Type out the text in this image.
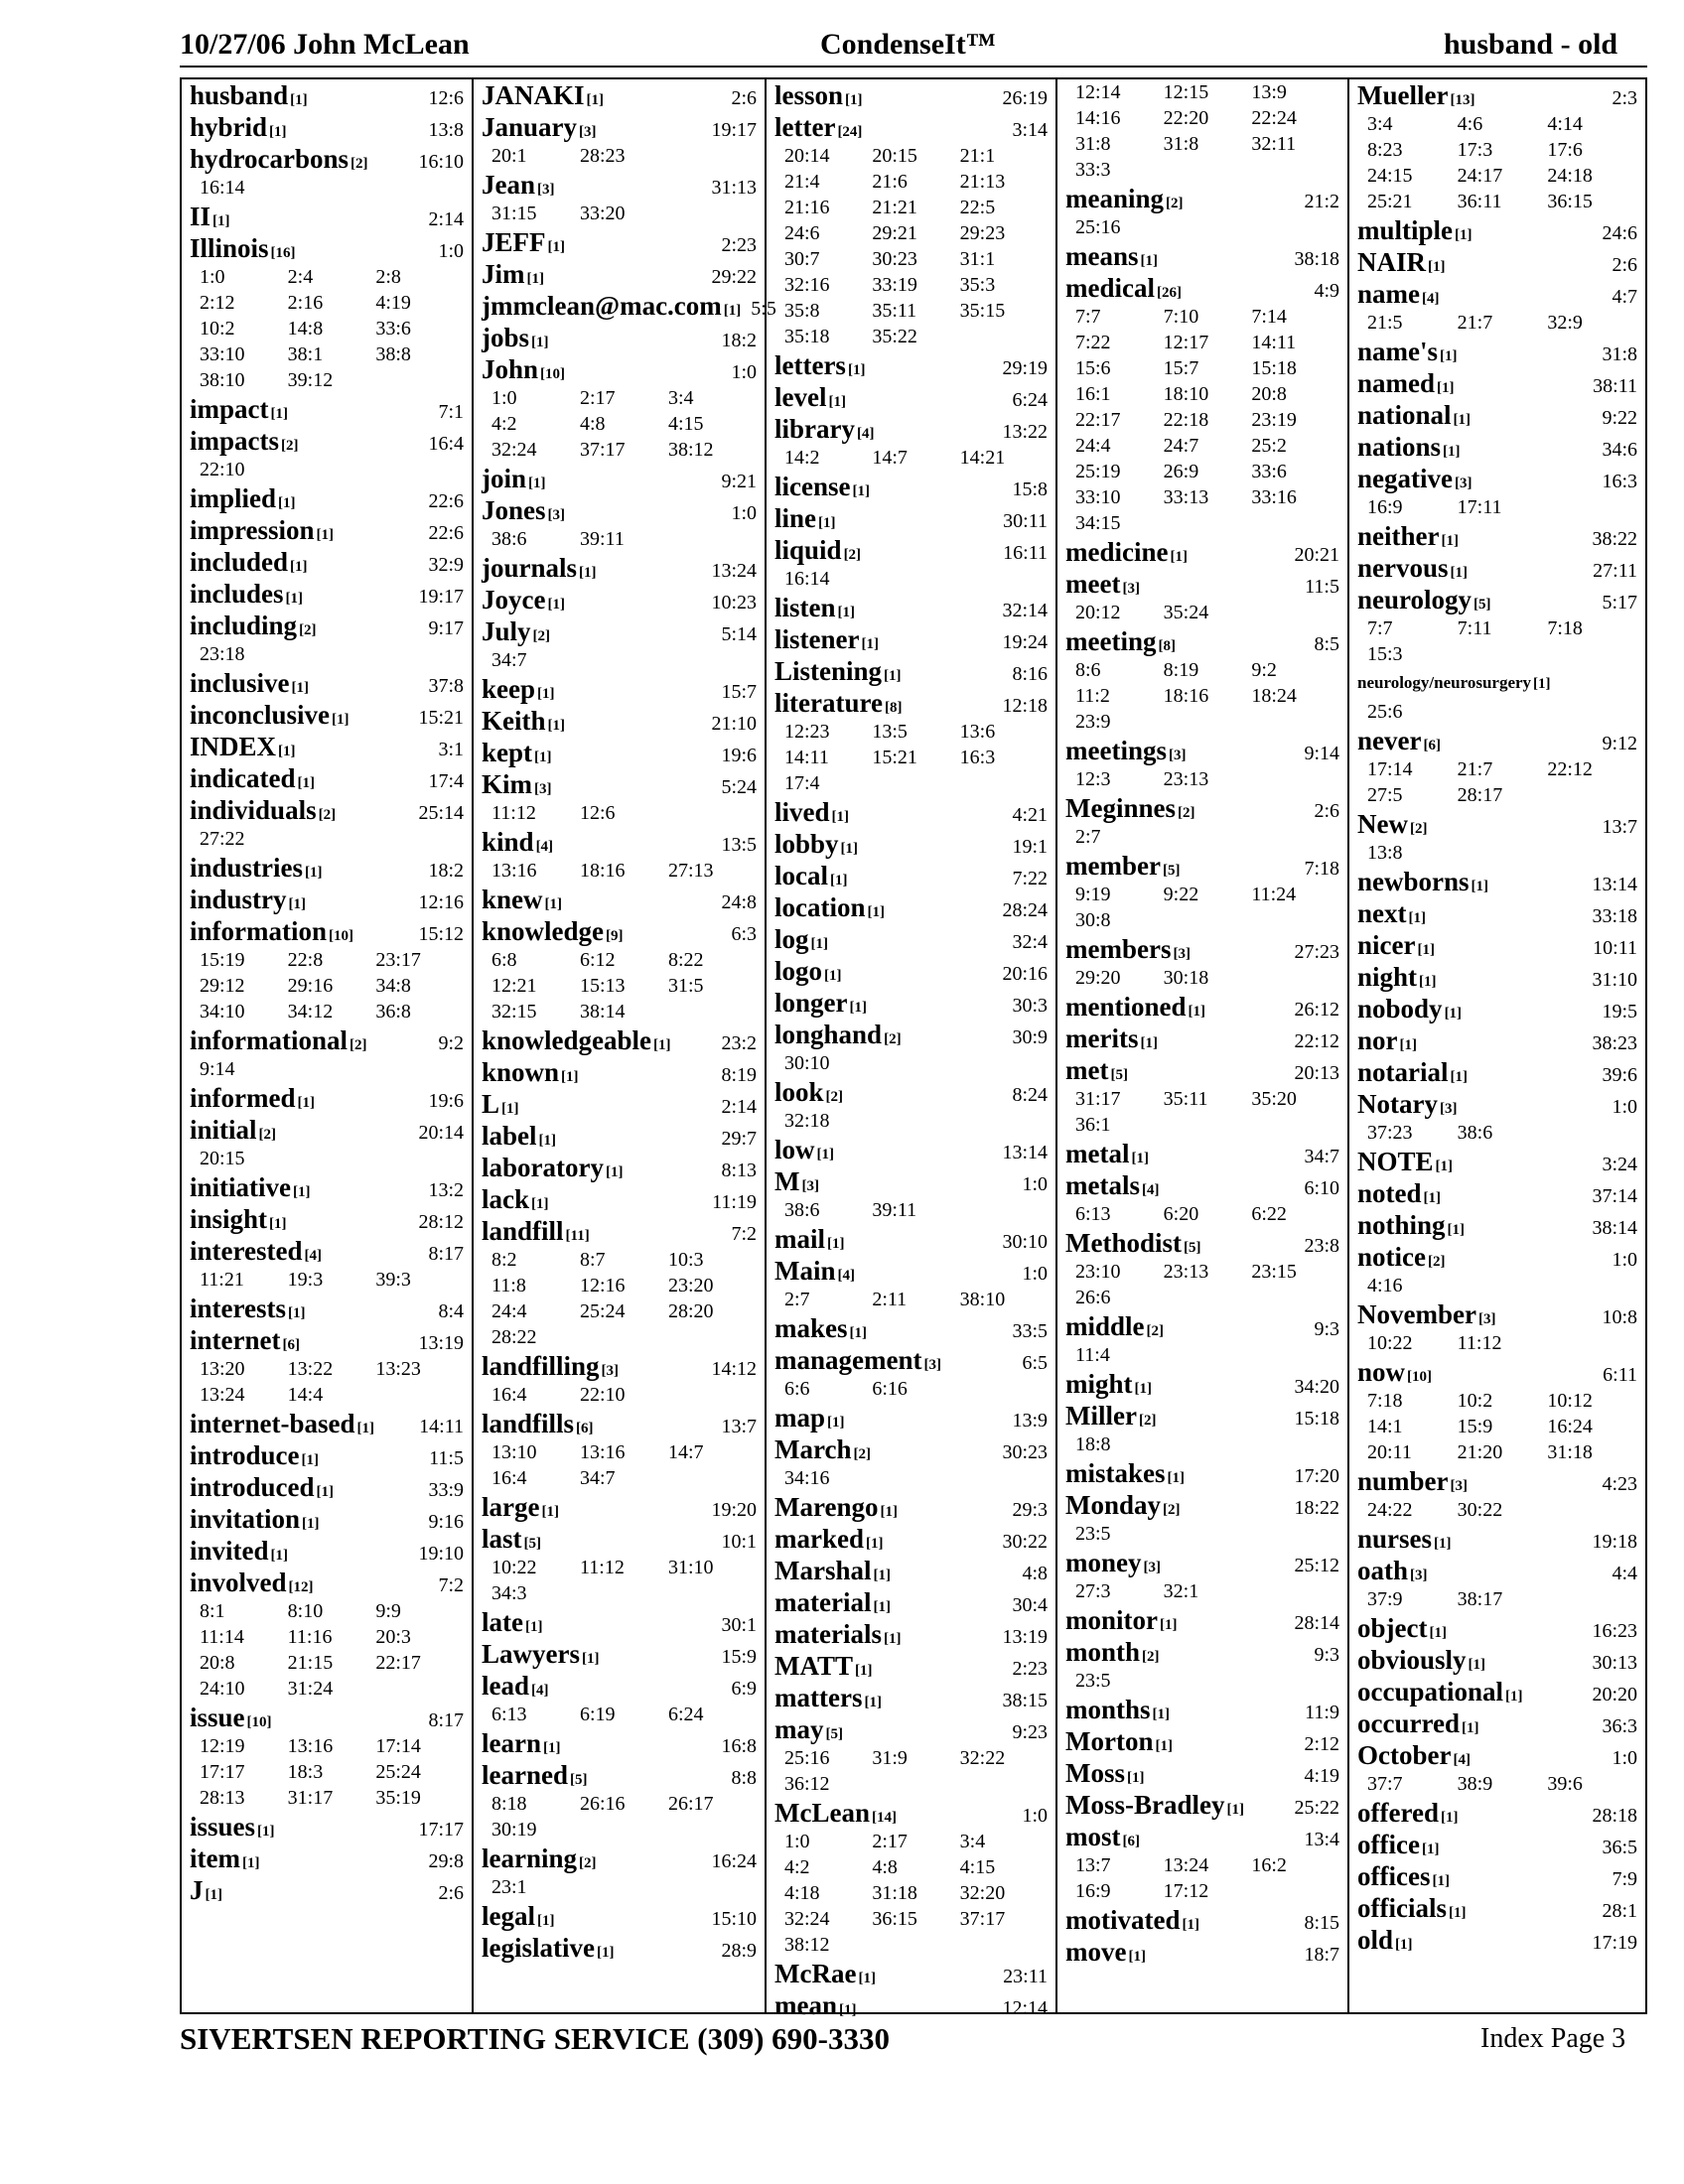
10/27/06 John McLean	CondenseIt™	husband - old
husband [1]	12:6
hybrid [1]	13:8
hydrocarbons [2]	16:10
16:14
II [1]	2:14
Illinois [16]	1:0
1:0	2:4	2:8
2:12	2:16	4:19
10:2	14:8	33:6
33:10	38:1	38:8
38:10	39:12
impact [1]	7:1
impacts [2]	16:4
22:10
implied [1]	22:6
impression [1]	22:6
included [1]	32:9
includes [1]	19:17
including [2]	9:17
23:18
inclusive [1]	37:8
inconclusive [1]	15:21
INDEX [1]	3:1
indicated [1]	17:4
individuals [2]	25:14
27:22
industries [1]	18:2
industry [1]	12:16
information [10]	15:12
15:19	22:8	23:17
29:12	29:16	34:8
34:10	34:12	36:8
informational [2]	9:2
9:14
informed [1]	19:6
initial [2]	20:14
20:15
initiative [1]	13:2
insight [1]	28:12
interested [4]	8:17
11:21	19:3	39:3
interests [1]	8:4
internet [6]	13:19
13:20	13:22	13:23
13:24	14:4
internet-based [1] 14:11
introduce [1]	11:5
introduced [1]	33:9
invitation [1]	9:16
invited [1]	19:10
involved [12]	7:2
8:1	8:10	9:9
11:14	11:16	20:3
20:8	21:15	22:17
24:10	31:24
issue [10]	8:17
12:19	13:16	17:14
17:17	18:3	25:24
28:13	31:17	35:19
issues [1]	17:17
item [1]	29:8
J [1]	2:6
JANAKI [1]	2:6
January [3]	19:17
20:1	28:23
Jean [3]	31:13
31:15	33:20
JEFF [1]	2:23
Jim [1]	29:22
jmmclean@mac.com [1] 5:5
jobs [1]	18:2
John [10]	1:0
1:0	2:17	3:4
4:2	4:8	4:15
32:24	37:17	38:12
join [1]	9:21
Jones [3]	1:0
38:6	39:11
journals [1]	13:24
Joyce [1]	10:23
July [2]	5:14
34:7
keep [1]	15:7
Keith [1]	21:10
kept [1]	19:6
Kim [3]	5:24
11:12	12:6
kind [4]	13:5
13:16	18:16	27:13
knew [1]	24:8
knowledge [9]	6:3
6:8	6:12	8:22
12:21	15:13	31:5
32:15	38:14
knowledgeable [1]	23:2
known [1]	8:19
L [1]	2:14
label [1]	29:7
laboratory [1]	8:13
lack [1]	11:19
landfill [11]	7:2
8:2	8:7	10:3
11:8	12:16	23:20
24:4	25:24	28:20
28:22
landfilling [3]	14:12
16:4	22:10
landfills [6]	13:7
13:10	13:16	14:7
16:4	34:7
large [1]	19:20
last [5]	10:1
10:22	11:12	31:10
34:3
late [1]	30:1
Lawyers [1]	15:9
lead [4]	6:9
6:13	6:19	6:24
learn [1]	16:8
learned [5]	8:8
8:18	26:16	26:17
30:19
learning [2]	16:24
23:1
legal [1]	15:10
legislative [1]	28:9
lesson [1]	26:19
letter [24]	3:14
20:14	20:15	21:1
21:4	21:6	21:13
21:16	21:21	22:5
24:6	29:21	29:23
30:7	30:23	31:1
32:16	33:19	35:3
35:8	35:11	35:15
35:18	35:22
letters [1]	29:19
level [1]	6:24
library [4]	13:22
14:2	14:7	14:21
license [1]	15:8
line [1]	30:11
liquid [2]	16:11
16:14
listen [1]	32:14
listener [1]	19:24
Listening [1]	8:16
literature [8]	12:18
12:23	13:5	13:6
14:11	15:21	16:3
17:4
lived [1]	4:21
lobby [1]	19:1
local [1]	7:22
location [1]	28:24
log [1]	32:4
logo [1]	20:16
longer [1]	30:3
longhand [2]	30:9
30:10
look [2]	8:24
32:18
low [1]	13:14
M [3]	1:0
38:6	39:11
mail [1]	30:10
Main [4]	1:0
2:7	2:11	38:10
makes [1]	33:5
management [3]	6:5
6:6	6:16
map [1]	13:9
March [2]	30:23
34:16
Marengo [1]	29:3
marked [1]	30:22
Marshal [1]	4:8
material [1]	30:4
materials [1]	13:19
MATT [1]	2:23
matters [1]	38:15
may [5]	9:23
25:16	31:9	32:22
36:12
McLean [14]	1:0
1:0	2:17	3:4
4:2	4:8	4:15
4:18	31:18	32:20
32:24	36:15	37:17
38:12
McRae [1]	23:11
mean [1]	12:14
12:14	12:15	13:9
14:16	22:20	22:24
31:8	31:8	32:11
33:3
meaning [2]	21:2
25:16
means [1]	38:18
medical [26]	4:9
7:7	7:10	7:14
7:22	12:17	14:11
15:6	15:7	15:18
16:1	18:10	20:8
22:17	22:18	23:19
24:4	24:7	25:2
25:19	26:9	33:6
33:10	33:13	33:16
34:15
medicine [1]	20:21
meet [3]	11:5
20:12	35:24
meeting [8]	8:5
8:6	8:19	9:2
11:2	18:16	18:24
23:9
meetings [3]	9:14
12:3	23:13
Meginnes [2]	2:6
2:7
member [5]	7:18
9:19	9:22	11:24
30:8
members [3]	27:23
29:20	30:18
mentioned [1]	26:12
merits [1]	22:12
met [5]	20:13
31:17	35:11	35:20
36:1
metal [1]	34:7
metals [4]	6:10
6:13	6:20	6:22
Methodist [5]	23:8
23:10	23:13	23:15
26:6
middle [2]	9:3
11:4
might [1]	34:20
Miller [2]	15:18
18:8
mistakes [1]	17:20
Monday [2]	18:22
23:5
money [3]	25:12
27:3	32:1
monitor [1]	28:14
month [2]	9:3
23:5
months [1]	11:9
Morton [1]	2:12
Moss [1]	4:19
Moss-Bradley [1]	25:22
most [6]	13:4
13:7	13:24	16:2
16:9	17:12
motivated [1]	8:15
move [1]	18:7
Mueller [13]	2:3
3:4	4:6	4:14
8:23	17:3	17:6
24:15	24:17	24:18
25:21	36:11	36:15
multiple [1]	24:6
NAIR [1]	2:6
name [4]	4:7
21:5	21:7	32:9
name's [1]	31:8
named [1]	38:11
national [1]	9:22
nations [1]	34:6
negative [3]	16:3
16:9	17:11
neither [1]	38:22
nervous [1]	27:11
neurology [5]	5:17
7:7	7:11	7:18
15:3
neurology/neurosurgery [1]
25:6
never [6]	9:12
17:14	21:7	22:12
27:5	28:17
New [2]	13:7
13:8
newborns [1]	13:14
next [1]	33:18
nicer [1]	10:11
night [1]	31:10
nobody [1]	19:5
nor [1]	38:23
notarial [1]	39:6
Notary [3]	1:0
37:23	38:6
NOTE [1]	3:24
noted [1]	37:14
nothing [1]	38:14
notice [2]	1:0
4:16
November [3]	10:8
10:22	11:12
now [10]	6:11
7:18	10:2	10:12
14:1	15:9	16:24
20:11	21:20	31:18
number [3]	4:23
24:22	30:22
nurses [1]	19:18
oath [3]	4:4
37:9	38:17
object [1]	16:23
obviously [1]	30:13
occupational [1]	20:20
occurred [1]	36:3
October [4]	1:0
37:7	38:9	39:6
offered [1]	28:18
office [1]	36:5
offices [1]	7:9
officials [1]	28:1
old [1]	17:19
SIVERTSEN REPORTING SERVICE (309) 690-3330	Index Page 3
